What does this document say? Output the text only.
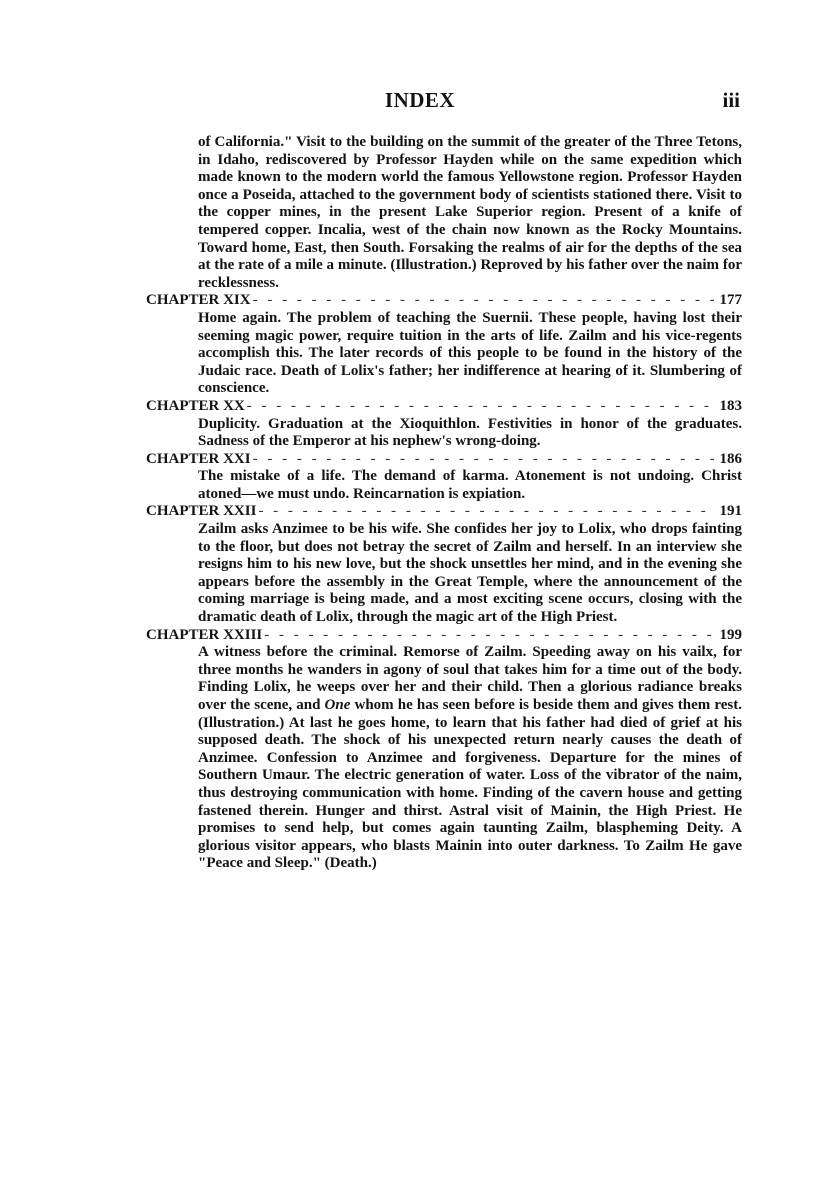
INDEX	iii
of California." Visit to the building on the summit of the greater of the Three Tetons, in Idaho, rediscovered by Professor Hayden while on the same expedition which made known to the modern world the famous Yellowstone region. Professor Hayden once a Poseida, attached to the government body of scientists stationed there. Visit to the copper mines, in the present Lake Superior region. Present of a knife of tempered copper. Incalia, west of the chain now known as the Rocky Mountains. Toward home, East, then South. Forsaking the realms of air for the depths of the sea at the rate of a mile a minute. (Illustration.) Reproved by his father over the naim for recklessness.
CHAPTER XIX - - -	177
Home again. The problem of teaching the Suernii. These people, having lost their seeming magic power, require tuition in the arts of life. Zailm and his vice-regents accomplish this. The later records of this people to be found in the history of the Judaic race. Death of Lolix's father; her indifference at hearing of it. Slumbering of conscience.
CHAPTER XX - - -	183
Duplicity. Graduation at the Xioquithlon. Festivities in honor of the graduates. Sadness of the Emperor at his nephew's wrong-doing.
CHAPTER XXI - - -	186
The mistake of a life. The demand of karma. Atonement is not undoing. Christ atoned—we must undo. Reincarnation is expiation.
CHAPTER XXII - - -	191
Zailm asks Anzimee to be his wife. She confides her joy to Lolix, who drops fainting to the floor, but does not betray the secret of Zailm and herself. In an interview she resigns him to his new love, but the shock unsettles her mind, and in the evening she appears before the assembly in the Great Temple, where the announcement of the coming marriage is being made, and a most exciting scene occurs, closing with the dramatic death of Lolix, through the magic art of the High Priest.
CHAPTER XXIII - - -	199
A witness before the criminal. Remorse of Zailm. Speeding away on his vailx, for three months he wanders in agony of soul that takes him for a time out of the body. Finding Lolix, he weeps over her and their child. Then a glorious radiance breaks over the scene, and One whom he has seen before is beside them and gives them rest. (Illustration.) At last he goes home, to learn that his father had died of grief at his supposed death. The shock of his unexpected return nearly causes the death of Anzimee. Confession to Anzimee and forgiveness. Departure for the mines of Southern Umaur. The electric generation of water. Loss of the vibrator of the naim, thus destroying communication with home. Finding of the cavern house and getting fastened therein. Hunger and thirst. Astral visit of Mainin, the High Priest. He promises to send help, but comes again taunting Zailm, blaspheming Deity. A glorious visitor appears, who blasts Mainin into outer darkness. To Zailm He gave "Peace and Sleep." (Death.)
